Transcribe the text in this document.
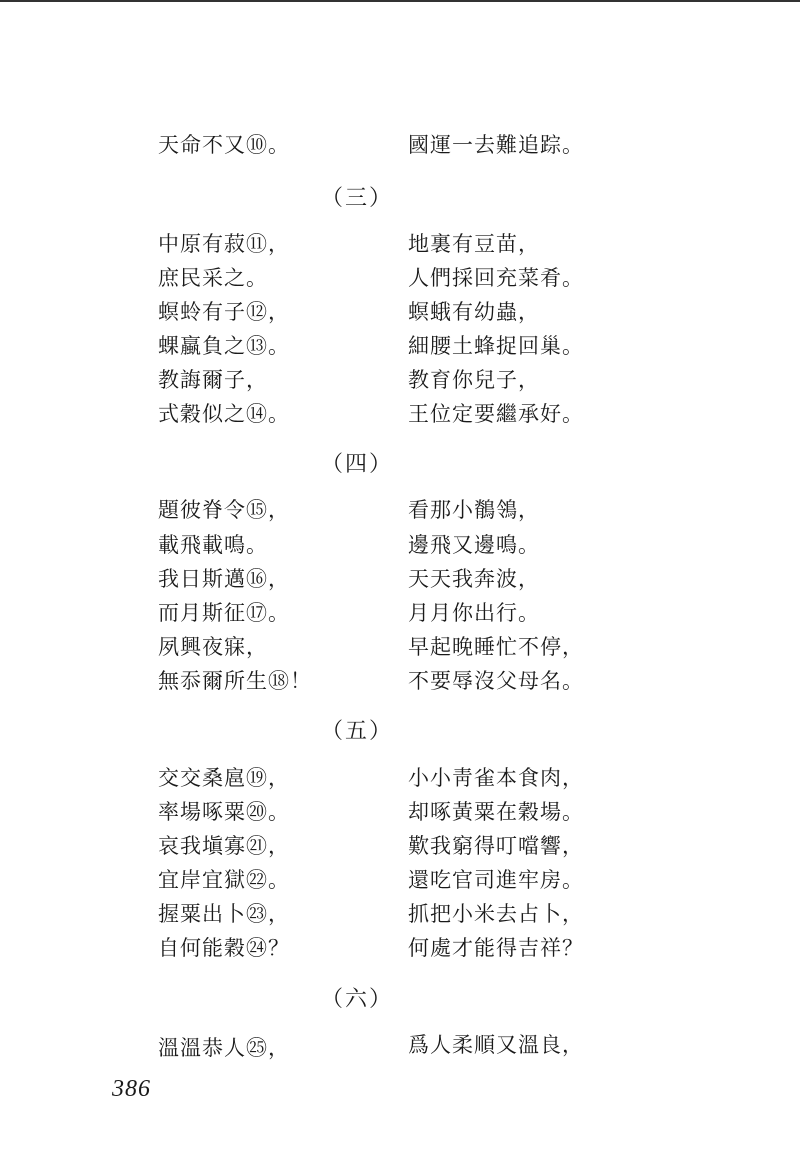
天命不又⑩。	國運一去難追踪。
（三）
中原有菽⑪，	地裏有豆苗，
庶民采之。	人們採回充菜肴。
螟蛉有子⑫，	螟蛾有幼蟲，
蜾蠃負之⑬。	細腰土蜂捉回巢。
教誨爾子，	教育你兒子，
式穀似之⑭。	王位定要繼承好。
（四）
題彼脊令⑮，	看那小鶺鴒，
載飛載鳴。	邊飛又邊鳴。
我日斯邁⑯，	天天我奔波，
而月斯征⑰。	月月你出行。
夙興夜寐，	早起晚睡忙不停，
無忝爾所生⑱！	不要辱沒父母名。
（五）
交交桑扈⑲，	小小靑雀本食肉，
率場啄粟⑳。	却啄黃粟在穀場。
哀我塡寡㉑，	歎我窮得叮噹響，
宜岸宜獄㉒。	還吃官司進牢房。
握粟出卜㉓，	抓把小米去占卜，
自何能穀㉔？	何處才能得吉祥？
（六）
溫溫恭人㉕，	爲人柔順又溫良，
386
